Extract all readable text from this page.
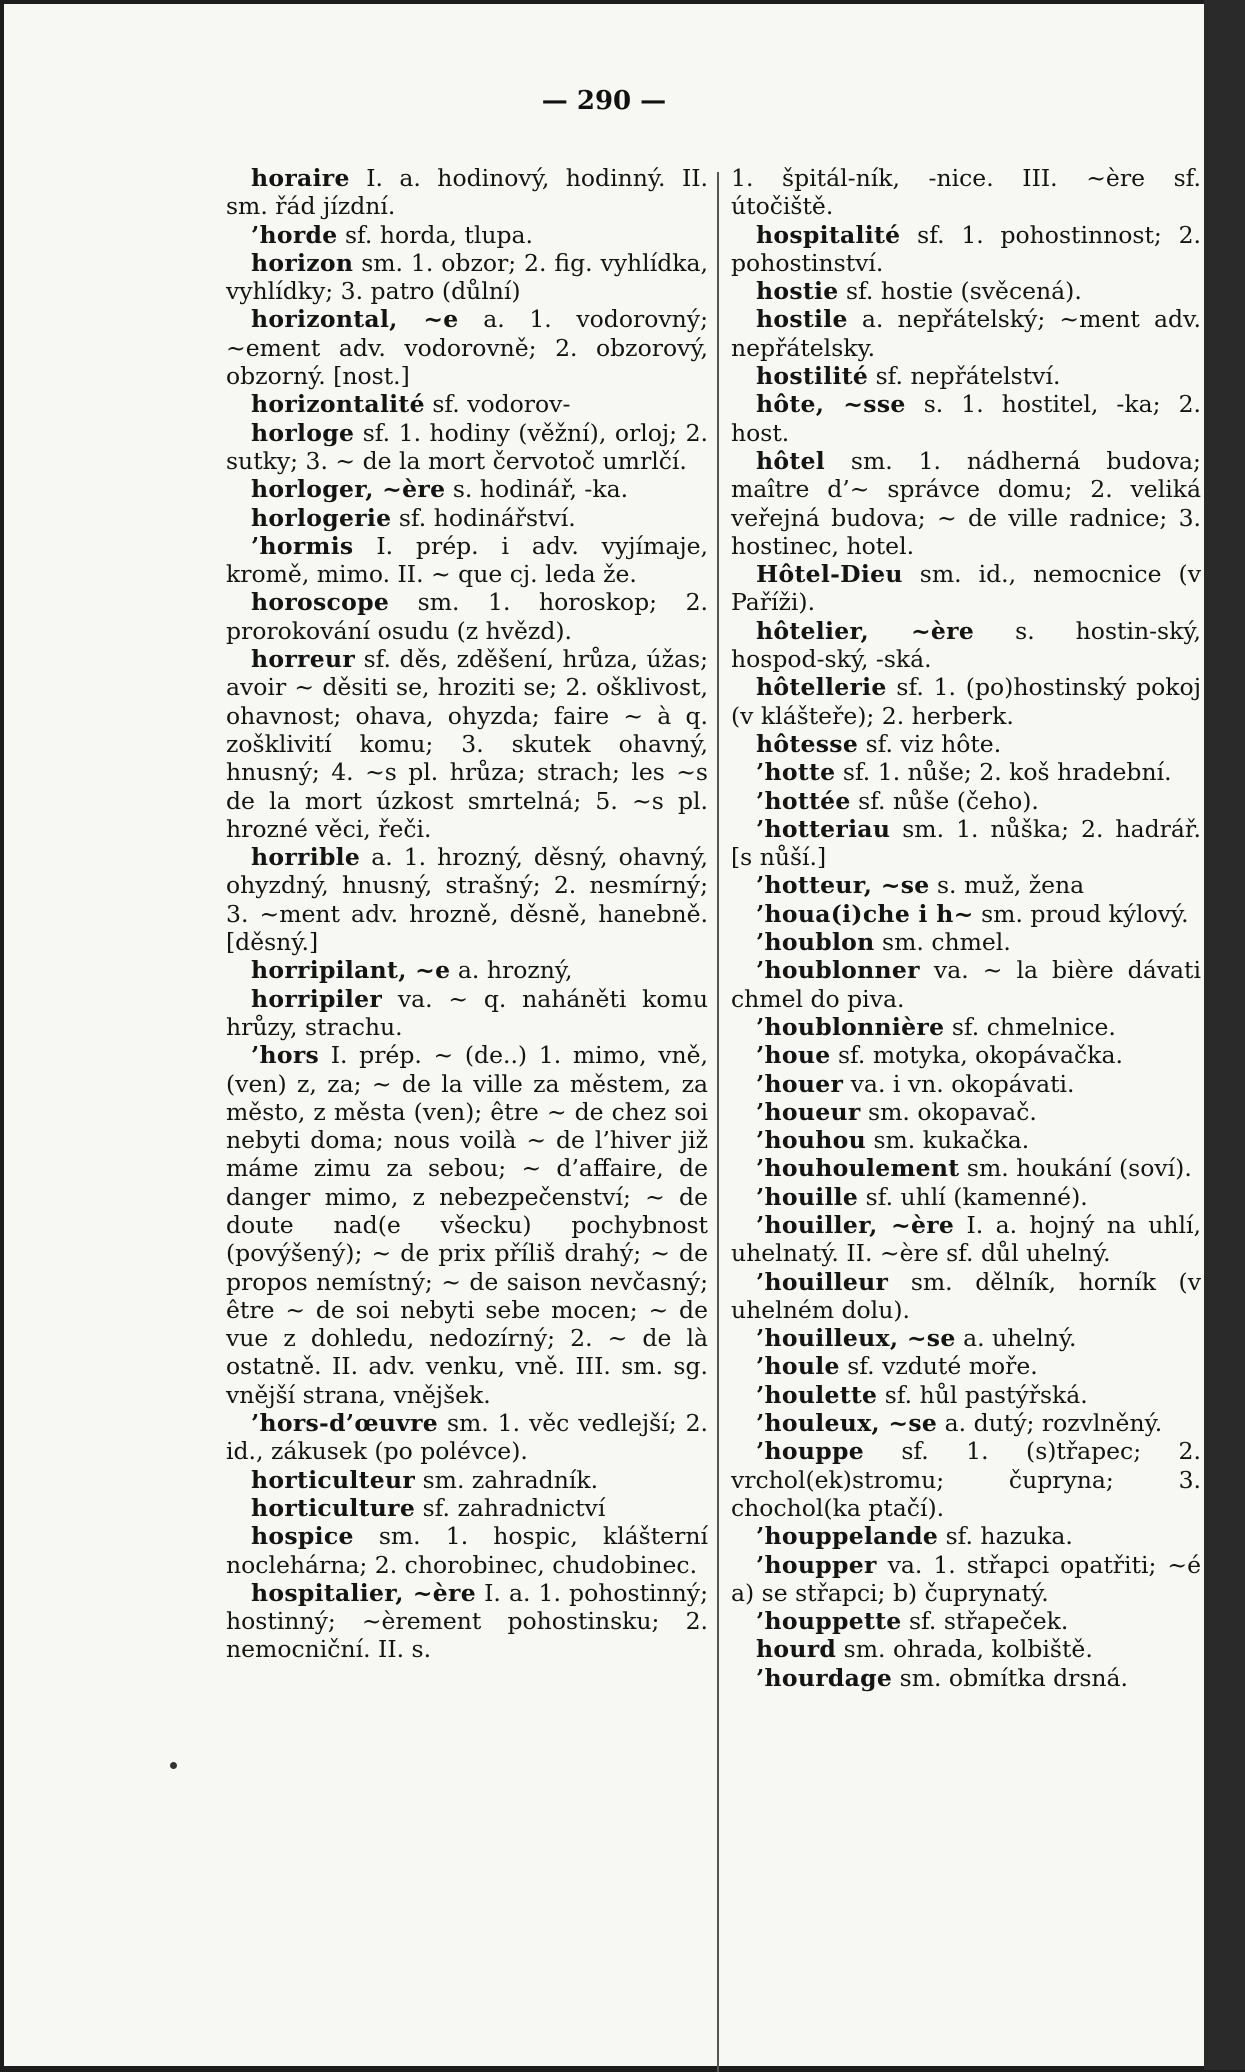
— 290 —

horaire I. a. hodinový, hodinný. II. sm. řád jízdní.

’horde sf. horda, tlupa.

horizon sm. 1. obzor; 2. fig. vyhlídka, vyhlídky; 3. patro (důlní)

horizontal, ~e a. 1. vodorovný; ~ement adv. vodorovně; 2. obzorový, obzorný. [nost.]

horizontalité sf. vodorov-

horloge sf. 1. hodiny (věžní), orloj; 2. sutky; 3. ~ de la mort červotoč umrlčí.

horloger, ~ère s. hodinář, -ka.

horlogerie sf. hodinářství.

’hormis I. prép. i adv. vyjímaje, kromě, mimo. II. ~ que cj. leda že.

horoscope sm. 1. horoskop; 2. prorokování osudu (z hvězd).

horreur sf. děs, zděšení, hrůza, úžas; avoir ~ děsiti se, hroziti se; 2. ošklivost, ohavnost; ohava, ohyzda; faire ~ à q. zošklivití komu; 3. skutek ohavný, hnusný; 4. ~s pl. hrůza; strach; les ~s de la mort úzkost smrtelná; 5. ~s pl. hrozné věci, řeči.

horrible a. 1. hrozný, děsný, ohavný, ohyzdný, hnusný, strašný; 2. nesmírný; 3. ~ment adv. hrozně, děsně, hanebně. [děsný.]

horripilant, ~e a. hrozný,

horripiler va. ~ q. naháněti komu hrůzy, strachu.

’hors I. prép. ~ (de..) 1. mimo, vně, (ven) z, za; ~ de la ville za městem, za město, z města (ven); être ~ de chez soi nebyti doma; nous voilà ~ de l’hiver již máme zimu za sebou; ~ d’affaire, de danger mimo, z nebezpečenství; ~ de doute nad(e všecku) pochybnost (povýšený); ~ de prix příliš drahý; ~ de propos nemístný; ~ de saison nevčasný; être ~ de soi nebyti sebe mocen; ~ de vue z dohledu, nedozírný; 2. ~ de là ostatně. II. adv. venku, vně. III. sm. sg. vnější strana, vnějšek.

’hors-d’œuvre sm. 1. věc vedlejší; 2. id., zákusek (po polévce).

horticulteur sm. zahradník.

horticulture sf. zahradnictví

hospice sm. 1. hospic, klášterní noclehárna; 2. chorobinec, chudobinec.

hospitalier, ~ère I. a. 1. pohostinný; hostinný; ~èrement pohostinsku; 2. nemocniční. II. s.

1. špitál-ník, -nice. III. ~ère sf. útočiště.

hospitalité sf. 1. pohostinnost; 2. pohostinství.

hostie sf. hostie (svěcená).

hostile a. nepřátelský; ~ment adv. nepřátelsky.

hostilité sf. nepřátelství.

hôte, ~sse s. 1. hostitel, -ka; 2. host.

hôtel sm. 1. nádherná budova; maître d’~ správce domu; 2. veliká veřejná budova; ~ de ville radnice; 3. hostinec, hotel.

Hôtel-Dieu sm. id., nemocnice (v Paříži).

hôtelier, ~ère s. hostin-ský, hospod-ský, -ská.

hôtellerie sf. 1. (po)hostinský pokoj (v klášteře); 2. herberk.

hôtesse sf. viz hôte.

’hotte sf. 1. nůše; 2. koš hradební.

’hottée sf. nůše (čeho).

’hotteriau sm. 1. nůška; 2. hadrář. [s nůší.]

’hotteur, ~se s. muž, žena

’houa(i)che i h~ sm. proud kýlový.

’houblon sm. chmel.

’houblonner va. ~ la bière dávati chmel do piva.

’houblonnière sf. chmelnice.

’houe sf. motyka, okopávačka.

’houer va. i vn. okopávati.

’houeur sm. okopavač.

’houhou sm. kukačka.

’houhoulement sm. houkání (soví).

’houille sf. uhlí (kamenné).

’houiller, ~ère I. a. hojný na uhlí, uhelnatý. II. ~ère sf. důl uhelný.

’houilleur sm. dělník, horník (v uhelném dolu).

’houilleux, ~se a. uhelný.

’houle sf. vzduté moře.

’houlette sf. hůl pastýřská.

’houleux, ~se a. dutý; rozvlněný.

’houppe sf. 1. (s)třapec; 2. vrchol(ek)stromu; čupryna; 3. chochol(ka ptačí).

’houppelande sf. hazuka.

’houpper va. 1. střapci opatřiti; ~é a) se střapci; b) čuprynatý.

’houppette sf. střapeček.

hourd sm. ohrada, kolbiště.

’hourdage sm. obmítka drsná.
